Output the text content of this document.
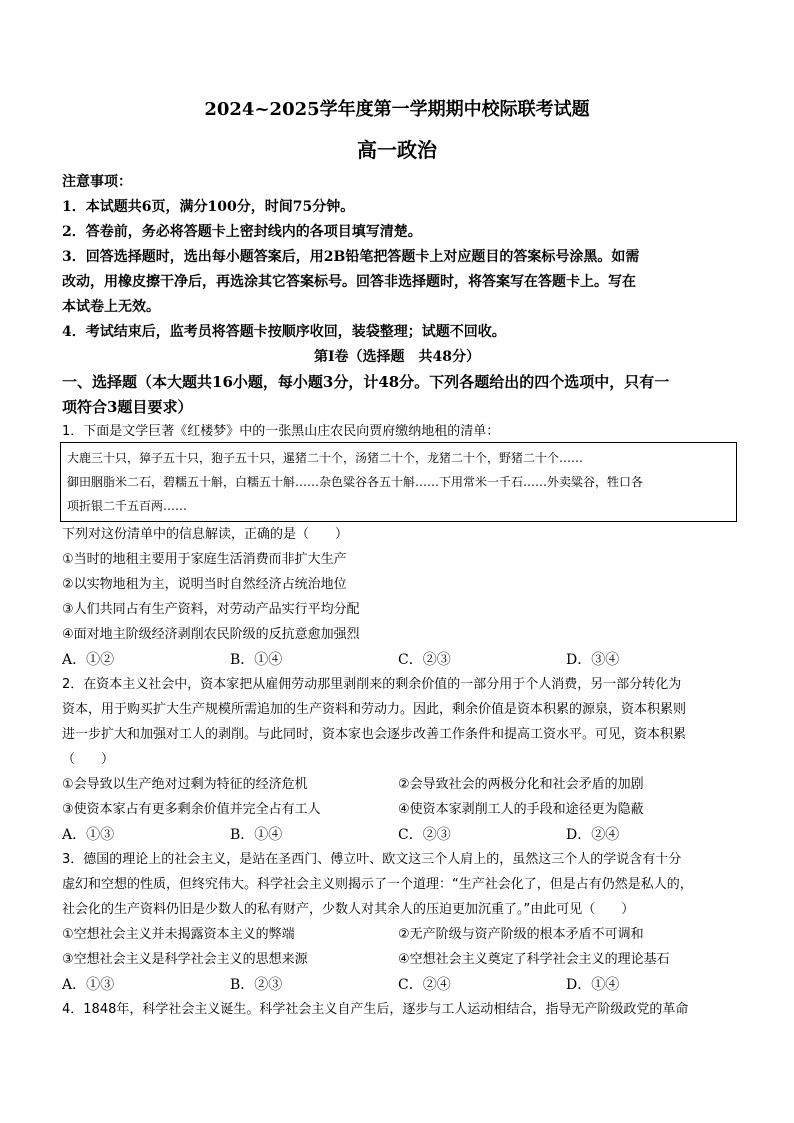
2024~2025学年度第一学期期中校际联考试题
高一政治
注意事项：
1．本试题共6页，满分100分，时间75分钟。
2．答卷前，务必将答题卡上密封线内的各项目填写清楚。
3．回答选择题时，选出每小题答案后，用2B铅笔把答题卡上对应题目的答案标号涂黑。如需
改动，用橡皮擦干净后，再选涂其它答案标号。回答非选择题时，将答案写在答题卡上。写在
本试卷上无效。
4．考试结束后，监考员将答题卡按顺序收回，装袋整理；试题不回收。
第Ⅰ卷（选择题　共48分）
一、选择题（本大题共16小题，每小题3分，计48分。下列各题给出的四个选项中，只有一
项符合3题目要求）
1．下面是文学巨著《红楼梦》中的一张黑山庄农民向贾府缴纳地租的清单：
大鹿三十只，獐子五十只，狍子五十只，暹猪二十个，汤猪二十个，龙猪二十个，野猪二十个……
御田胭脂米二石，碧糯五十斛，白糯五十斛……杂色粱谷各五十斛……下用常米一千石……外卖粱谷，牲口各
项折银二千五百两……
下列对这份清单中的信息解读，正确的是（　　）
①当时的地租主要用于家庭生活消费而非扩大生产
②以实物地租为主，说明当时自然经济占统治地位
③人们共同占有生产资料，对劳动产品实行平均分配
④面对地主阶级经济剥削农民阶级的反抗意愈加强烈
A．①②	B．①④	C．②③	D．③④
2．在资本主义社会中，资本家把从雇佣劳动那里剥削来的剩余价值的一部分用于个人消费，另一部分转化为
资本，用于购买扩大生产规模所需追加的生产资料和劳动力。因此，剩余价值是资本积累的源泉，资本积累则
进一步扩大和加强对工人的剥削。与此同时，资本家也会逐步改善工作条件和提高工资水平。可见，资本积累
（　　）
①会导致以生产绝对过剩为特征的经济危机	②会导致社会的两极分化和社会矛盾的加剧
③使资本家占有更多剩余价值并完全占有工人	④使资本家剥削工人的手段和途径更为隐蔽
A．①③	B．①④	C．②③	D．②④
3．德国的理论上的社会主义，是站在圣西门、傅立叶、欧文这三个人肩上的，虽然这三个人的学说含有十分
虚幻和空想的性质，但终究伟大。科学社会主义则揭示了一个道理：“生产社会化了，但是占有仍然是私人的，
社会化的生产资料仍旧是少数人的私有财产，少数人对其余人的压迫更加沉重了。”由此可见（　　）
①空想社会主义并未揭露资本主义的弊端	②无产阶级与资产阶级的根本矛盾不可调和
③空想社会主义是科学社会主义的思想来源	④空想社会主义奠定了科学社会主义的理论基石
A．①③	B．②③	C．②④	D．①④
4．1848年，科学社会主义诞生。科学社会主义自产生后，逐步与工人运动相结合，指导无产阶级政党的革命
